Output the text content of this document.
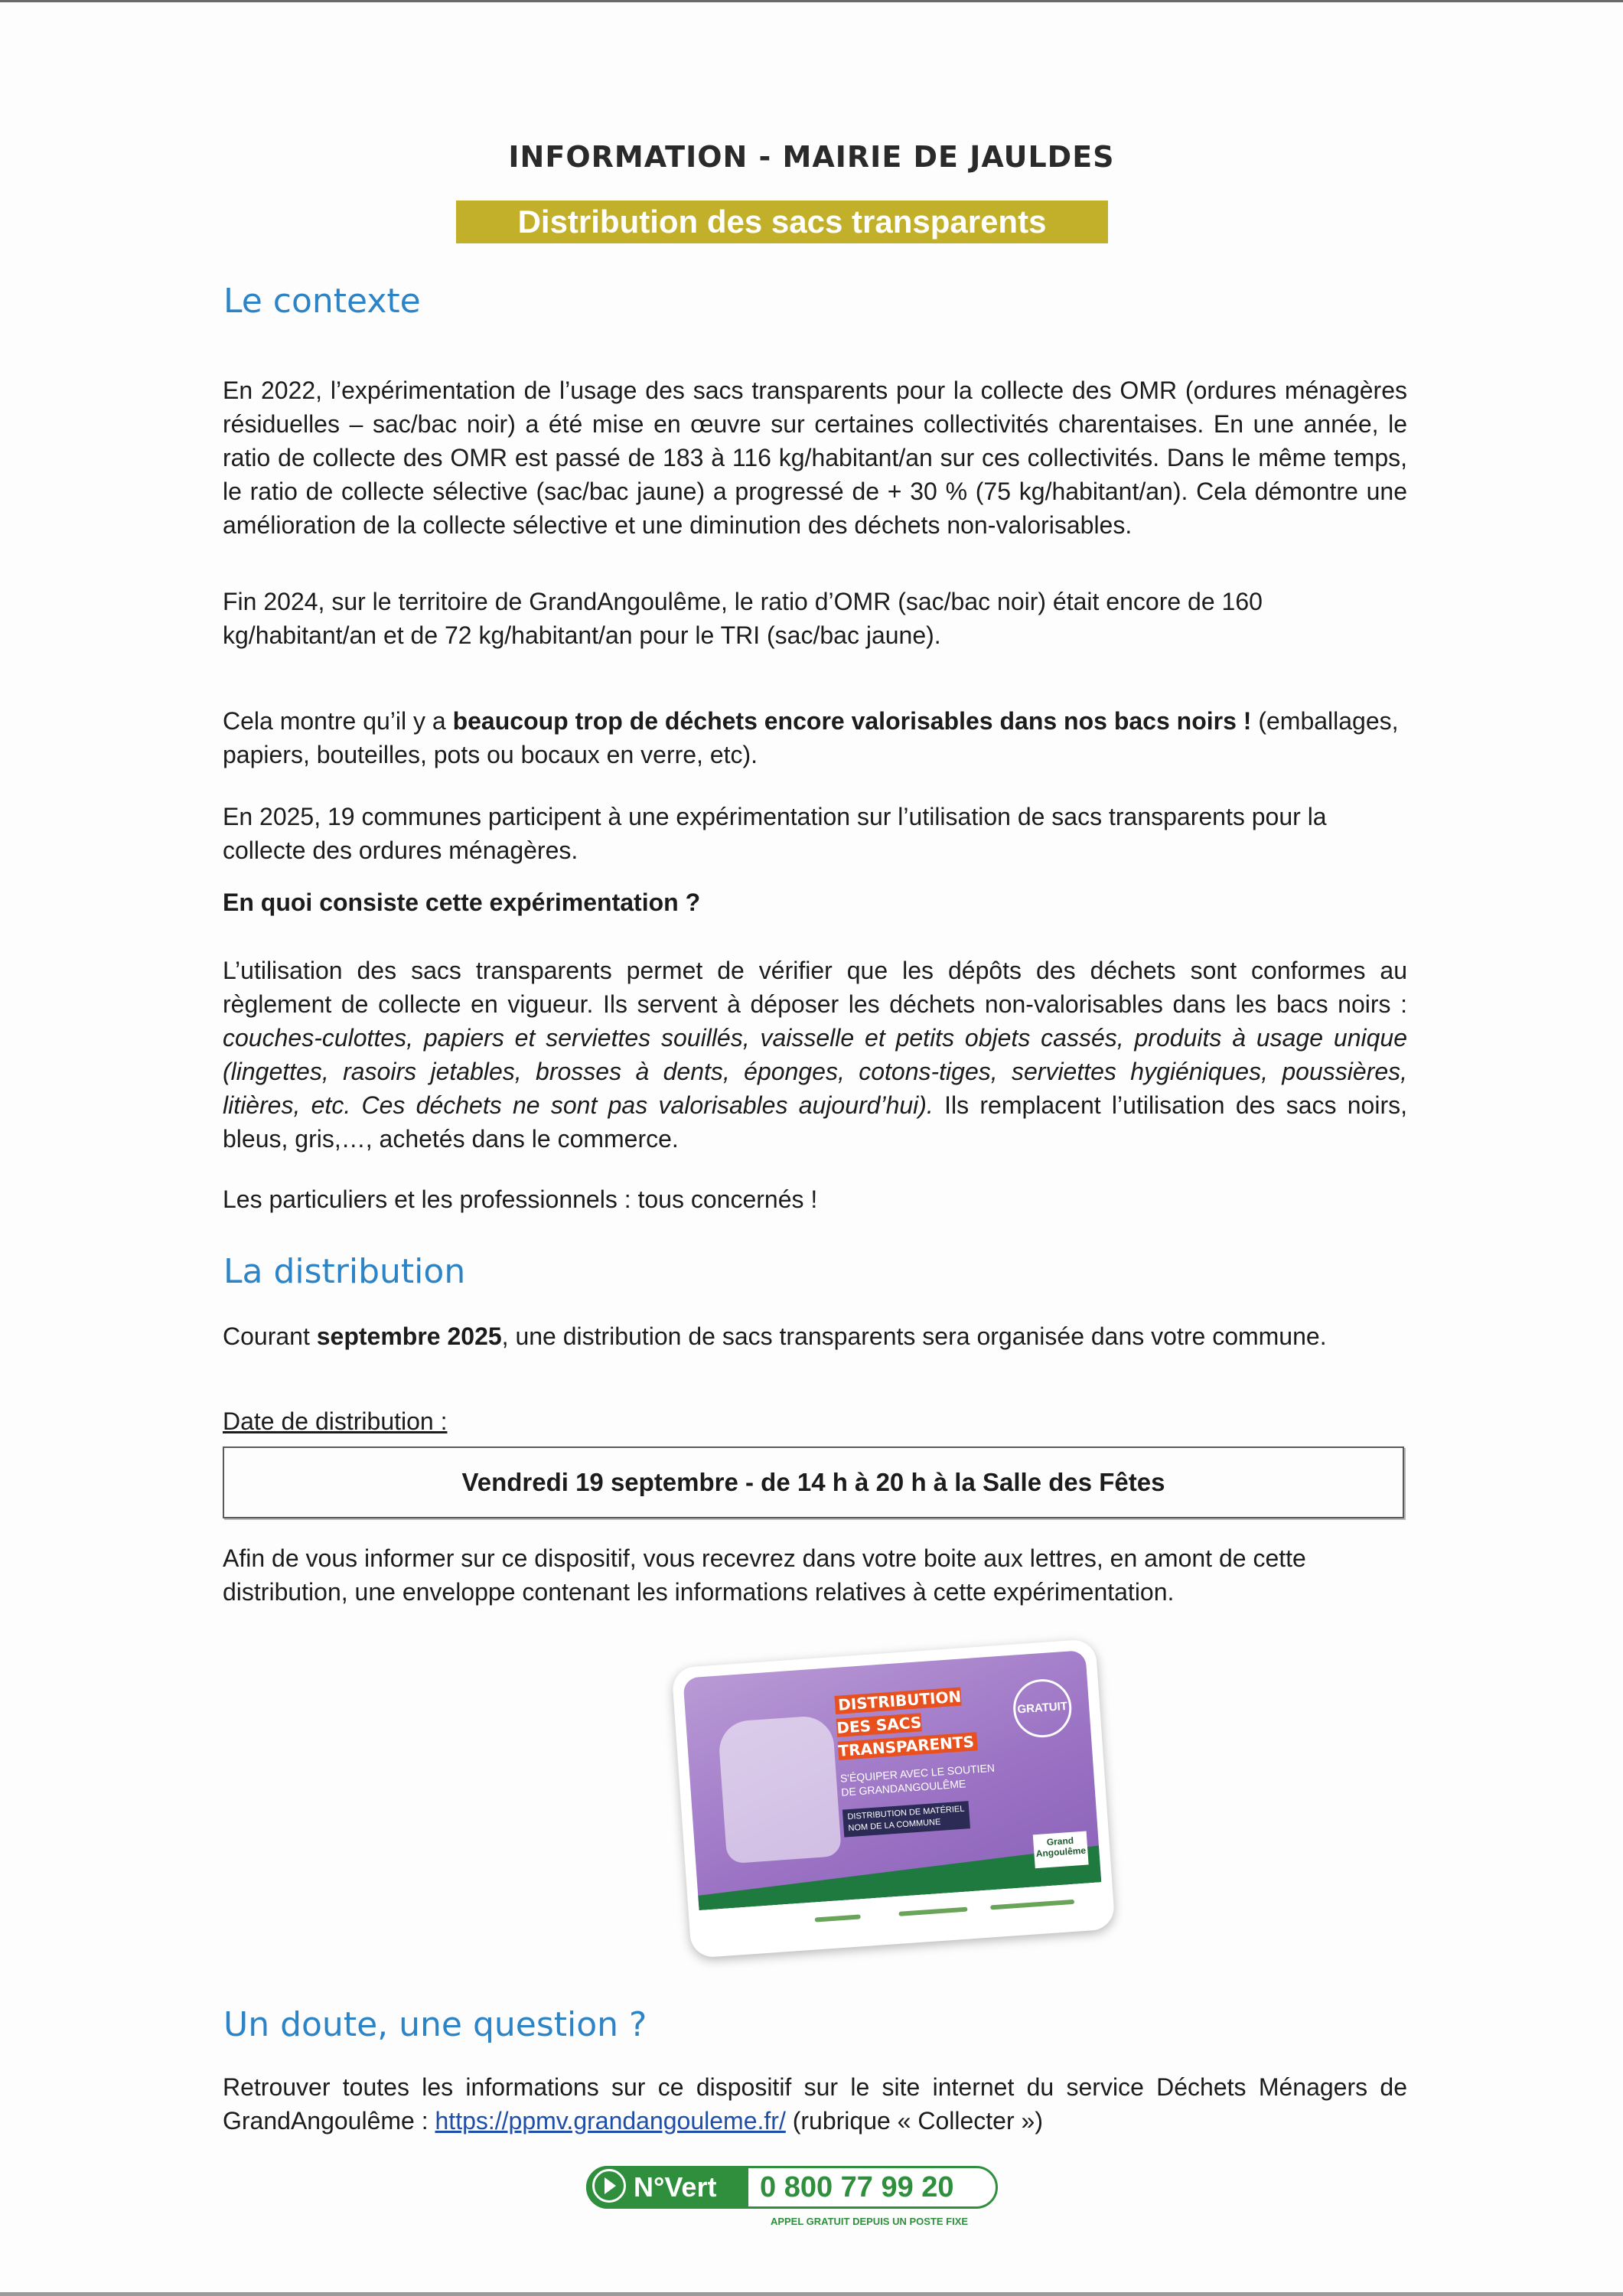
INFORMATION - MAIRIE DE JAULDES
Distribution des sacs transparents
Le contexte

En 2022, l’expérimentation de l’usage des sacs transparents pour la collecte des OMR (ordures ménagères résiduelles – sac/bac noir) a été mise en œuvre sur certaines collectivités charentaises. En une année, le ratio de collecte des OMR est passé de 183 à 116 kg/habitant/an sur ces collectivités. Dans le même temps, le ratio de collecte sélective (sac/bac jaune) a progressé de + 30 % (75 kg/habitant/an). Cela démontre une amélioration de la collecte sélective et une diminution des déchets non-valorisables.

Fin 2024, sur le territoire de GrandAngoulême, le ratio d’OMR (sac/bac noir) était encore de 160 kg/habitant/an et de 72 kg/habitant/an pour le TRI (sac/bac jaune).

Cela montre qu’il y a beaucoup trop de déchets encore valorisables dans nos bacs noirs ! (emballages, papiers, bouteilles, pots ou bocaux en verre, etc).

En 2025, 19 communes participent à une expérimentation sur l’utilisation de sacs transparents pour la collecte des ordures ménagères.

En quoi consiste cette expérimentation ?

L’utilisation des sacs transparents permet de vérifier que les dépôts des déchets sont conformes au règlement de collecte en vigueur. Ils servent à déposer les déchets non-valorisables dans les bacs noirs : couches-culottes, papiers et serviettes souillés, vaisselle et petits objets cassés, produits à usage unique (lingettes, rasoirs jetables, brosses à dents, éponges, cotons-tiges, serviettes hygiéniques, poussières, litières, etc. Ces déchets ne sont pas valorisables aujourd’hui). Ils remplacent l’utilisation des sacs noirs, bleus, gris,…, achetés dans le commerce.

Les particuliers et les professionnels : tous concernés !

La distribution

Courant septembre 2025, une distribution de sacs transparents sera organisée dans votre commune.

Date de distribution :

Vendredi 19 septembre - de 14 h à 20 h à la Salle des Fêtes

Afin de vous informer sur ce dispositif, vous recevrez dans votre boite aux lettres, en amont de cette distribution, une enveloppe contenant les informations relatives à cette expérimentation.

DISTRIBUTION
DES SACS
TRANSPARENTS
GRATUIT
S'ÉQUIPER AVEC LE SOUTIEN
DE GRANDANGOULÊME
DISTRIBUTION DE MATÉRIEL
NOM DE LA COMMUNE
Grand
Angoulême
Un doute, une question ?

Retrouver toutes les informations sur ce dispositif sur le site internet du service Déchets Ménagers de GrandAngoulême : https://ppmv.grandangouleme.fr/ (rubrique « Collecter »)

N°Vert	0 800 77 99 20
APPEL GRATUIT DEPUIS UN POSTE FIXE
